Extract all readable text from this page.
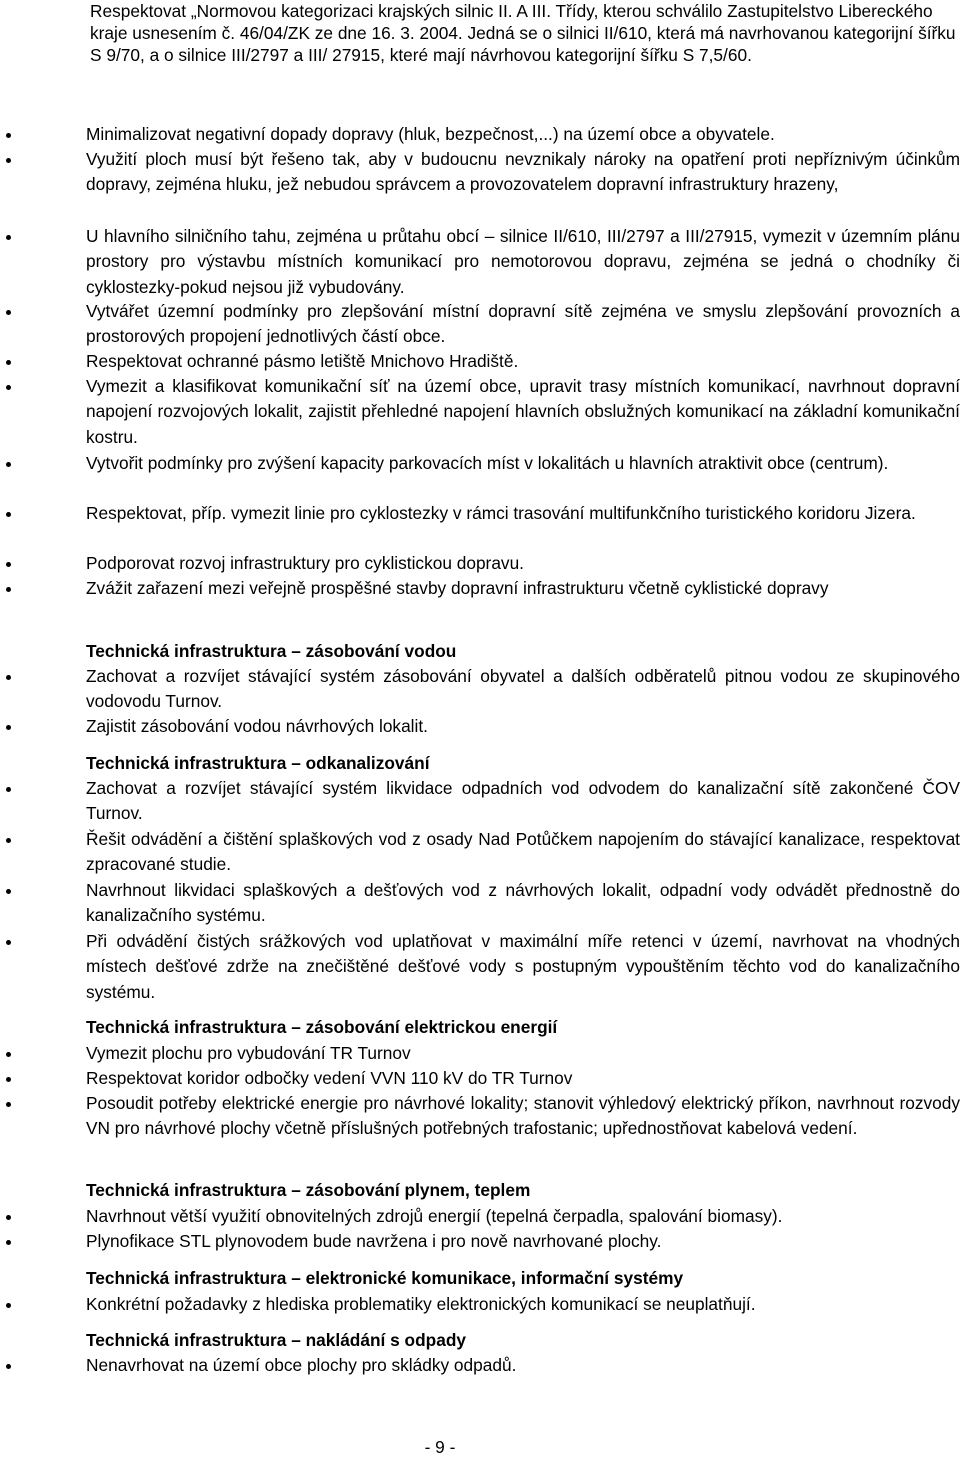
Respektovat „Normovou kategorizaci krajských silnic II. A III. Třídy, kterou schválilo Zastupitelstvo Libereckého kraje usnesením č. 46/04/ZK ze dne 16. 3. 2004. Jedná se o silnici II/610, která má navrhovanou kategorijní šířku S 9/70, a o silnice III/2797 a III/ 27915, které mají návrhovou kategorijní šířku S 7,5/60.

Minimalizovat negativní dopady dopravy (hluk, bezpečnost,...) na území obce a obyvatele.

Využití ploch musí být řešeno tak, aby v budoucnu nevznikaly nároky na opatření proti nepříznivým účinkům dopravy, zejména hluku, jež nebudou správcem a provozovatelem dopravní infrastruktury hrazeny,

U hlavního silničního tahu, zejména u průtahu obcí – silnice II/610, III/2797 a III/27915, vymezit v územním plánu prostory pro výstavbu místních komunikací pro nemotorovou dopravu, zejména se jedná o chodníky či cyklostezky-pokud nejsou již vybudovány.

Vytvářet územní podmínky pro zlepšování místní dopravní sítě zejména ve smyslu zlepšování provozních a prostorových propojení jednotlivých částí obce.

Respektovat ochranné pásmo letiště Mnichovo Hradiště.

Vymezit a klasifikovat komunikační síť na území obce, upravit trasy místních komunikací, navrhnout dopravní napojení rozvojových lokalit, zajistit přehledné napojení hlavních obslužných komunikací na základní komunikační kostru.

Vytvořit podmínky pro zvýšení kapacity parkovacích míst v lokalitách u hlavních atraktivit obce (centrum).

Respektovat, příp. vymezit linie pro cyklostezky v rámci trasování multifunkčního turistického koridoru Jizera.

Podporovat rozvoj infrastruktury pro cyklistickou dopravu.

Zvážit zařazení mezi veřejně prospěšné stavby dopravní infrastrukturu včetně cyklistické dopravy

Technická infrastruktura – zásobování vodou

Zachovat a rozvíjet stávající systém zásobování obyvatel a dalších odběratelů pitnou vodou ze skupinového vodovodu Turnov.

Zajistit zásobování vodou návrhových lokalit.

Technická infrastruktura – odkanalizování

Zachovat a rozvíjet stávající systém likvidace odpadních vod odvodem do kanalizační sítě zakončené ČOV Turnov.

Řešit odvádění a čištění splaškových vod z osady Nad Potůčkem napojením do stávající kanalizace, respektovat zpracované studie.

Navrhnout likvidaci splaškových a dešťových vod z návrhových lokalit, odpadní vody odvádět přednostně do kanalizačního systému.

Při odvádění čistých srážkových vod uplatňovat v maximální míře retenci v území, navrhovat na vhodných místech dešťové zdrže na znečištěné dešťové vody s postupným vypouštěním těchto vod do kanalizačního systému.

Technická infrastruktura – zásobování elektrickou energií

Vymezit plochu pro vybudování TR Turnov

Respektovat koridor odbočky vedení VVN 110 kV do TR Turnov

Posoudit potřeby elektrické energie pro návrhové lokality; stanovit výhledový elektrický příkon, navrhnout rozvody VN pro návrhové plochy včetně příslušných potřebných trafostanic; upřednostňovat kabelová vedení.

Technická infrastruktura – zásobování plynem, teplem

Navrhnout větší využití obnovitelných zdrojů energií (tepelná čerpadla, spalování biomasy).

Plynofikace STL plynovodem bude navržena i pro nově navrhované plochy.

Technická infrastruktura – elektronické komunikace, informační systémy

Konkrétní požadavky z hlediska problematiky elektronických komunikací se neuplatňují.

Technická infrastruktura – nakládání s odpady

Nenavrhovat na území obce plochy pro skládky odpadů.

- 9 -
